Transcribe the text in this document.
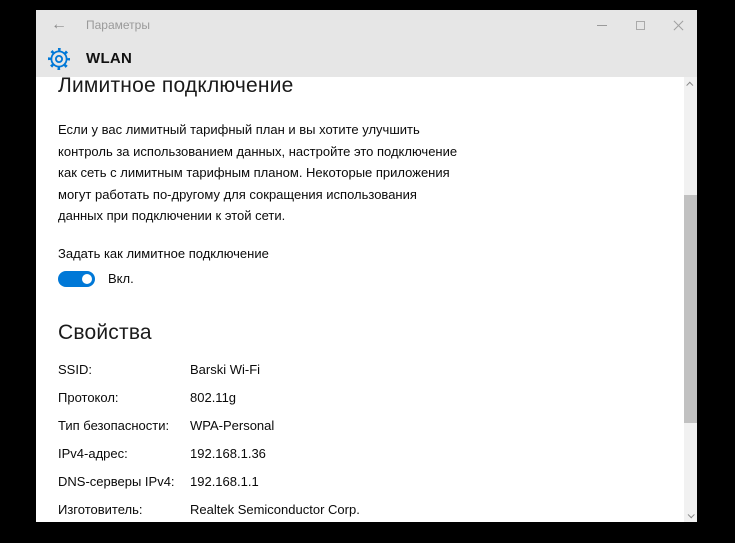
← Параметры
WLAN
Лимитное подключение

Если у вас лимитный тарифный план и вы хотите улучшить контроль за использованием данных, настройте это подключение как сеть с лимитным тарифным планом. Некоторые приложения могут работать по-другому для сокращения использования данных при подключении к этой сети.

Задать как лимитное подключение
Вкл.
Свойства
SSID:	Barski Wi-Fi
Протокол:	802.11g
Тип безопасности:	WPA-Personal
IPv4-адрес:	192.168.1.36
DNS-серверы IPv4:	192.168.1.1
Изготовитель:	Realtek Semiconductor Corp.
